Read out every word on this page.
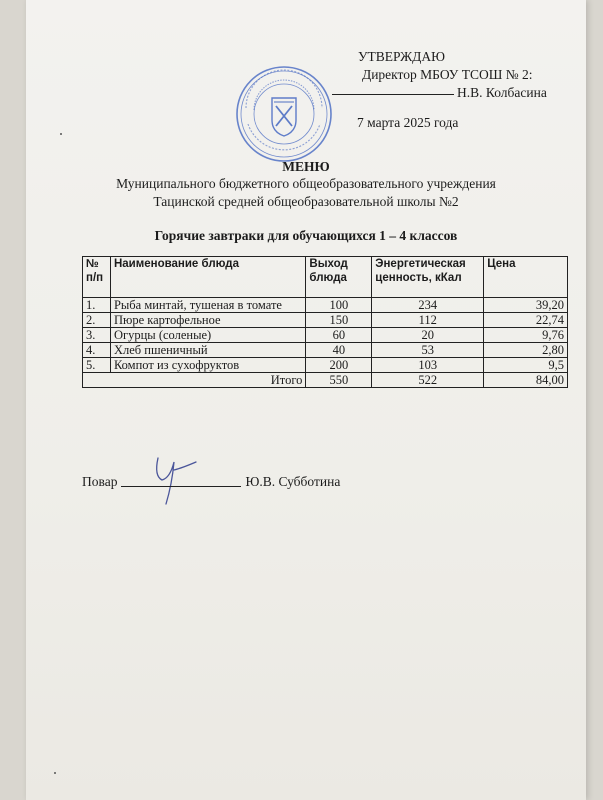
УТВЕРЖДАЮ
Директор МБОУ ТСОШ № 2:
Н.В. Колбасина
7 марта 2025 года
МЕНЮ
Муниципального бюджетного общеобразовательного учреждения
Тацинской средней общеобразовательной школы №2
Горячие завтраки для обучающихся 1 – 4 классов
№ п/п	Наименование блюда	Выход блюда	Энергетическая ценность, кКал	Цена
1.	Рыба минтай, тушеная в томате	100	234	39,20
2.	Пюре картофельное	150	112	22,74
3.	Огурцы (соленые)	60	20	9,76
4.	Хлеб пшеничный	40	53	2,80
5.	Компот из сухофруктов	200	103	9,5
Итого		550	522	84,00
Повар	Ю.В. Субботина
